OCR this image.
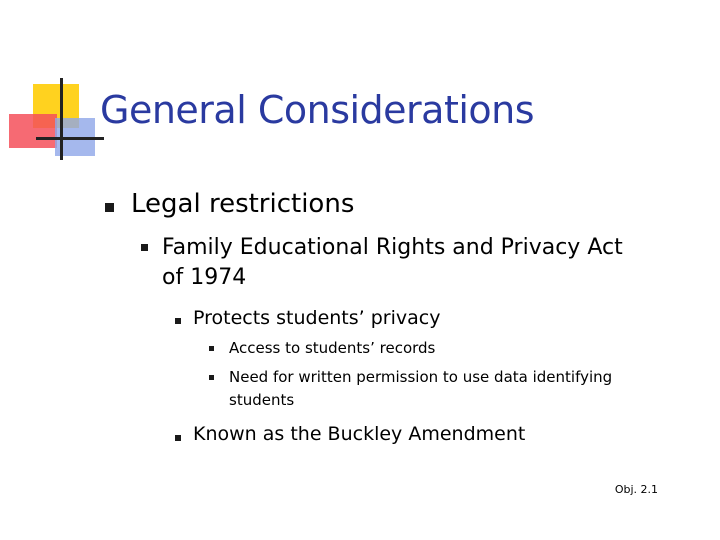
General Considerations
Legal restrictions
Family Educational Rights and Privacy Act
of 1974
Protects students’ privacy
Access to students’ records
Need for written permission to use data identifying
students
Known as the Buckley Amendment
Obj. 2.1
